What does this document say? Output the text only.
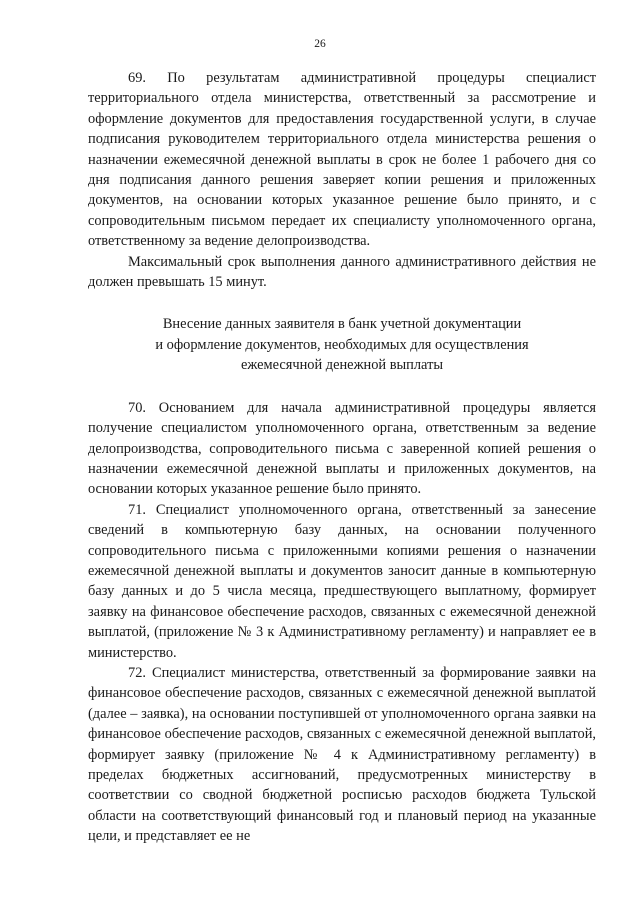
26

69. По результатам административной процедуры специалист территориального отдела министерства, ответственный за рассмотрение и оформление документов для предоставления государственной услуги, в случае подписания руководителем территориального отдела министерства решения о назначении ежемесячной денежной выплаты в срок не более 1 рабочего дня со дня подписания данного решения заверяет копии решения и приложенных документов, на основании которых указанное решение было принято, и с сопроводительным письмом передает их специалисту уполномоченного органа, ответственному за ведение делопроизводства.

Максимальный срок выполнения данного административного действия не должен превышать 15 минут.

Внесение данных заявителя в банк учетной документации
и оформление документов, необходимых для осуществления
ежемесячной денежной выплаты

70. Основанием для начала административной процедуры является получение специалистом уполномоченного органа, ответственным за ведение делопроизводства, сопроводительного письма с заверенной копией решения о назначении ежемесячной денежной выплаты и приложенных документов, на основании которых указанное решение было принято.

71. Специалист уполномоченного органа, ответственный за занесение сведений в компьютерную базу данных, на основании полученного сопроводительного письма с приложенными копиями решения о назначении ежемесячной денежной выплаты и документов заносит данные в компьютерную базу данных и до 5 числа месяца, предшествующего выплатному, формирует заявку на финансовое обеспечение расходов, связанных с ежемесячной денежной выплатой, (приложение № 3 к Административному регламенту) и направляет ее в министерство.

72. Специалист министерства, ответственный за формирование заявки на финансовое обеспечение расходов, связанных с ежемесячной денежной выплатой (далее – заявка), на основании поступившей от уполномоченного органа заявки на финансовое обеспечение расходов, связанных с ежемесячной денежной выплатой, формирует заявку (приложение № 4 к Административному регламенту) в пределах бюджетных ассигнований, предусмотренных министерству в соответствии со сводной бюджетной росписью расходов бюджета Тульской области на соответствующий финансовый год и плановый период на указанные цели, и представляет ее не
